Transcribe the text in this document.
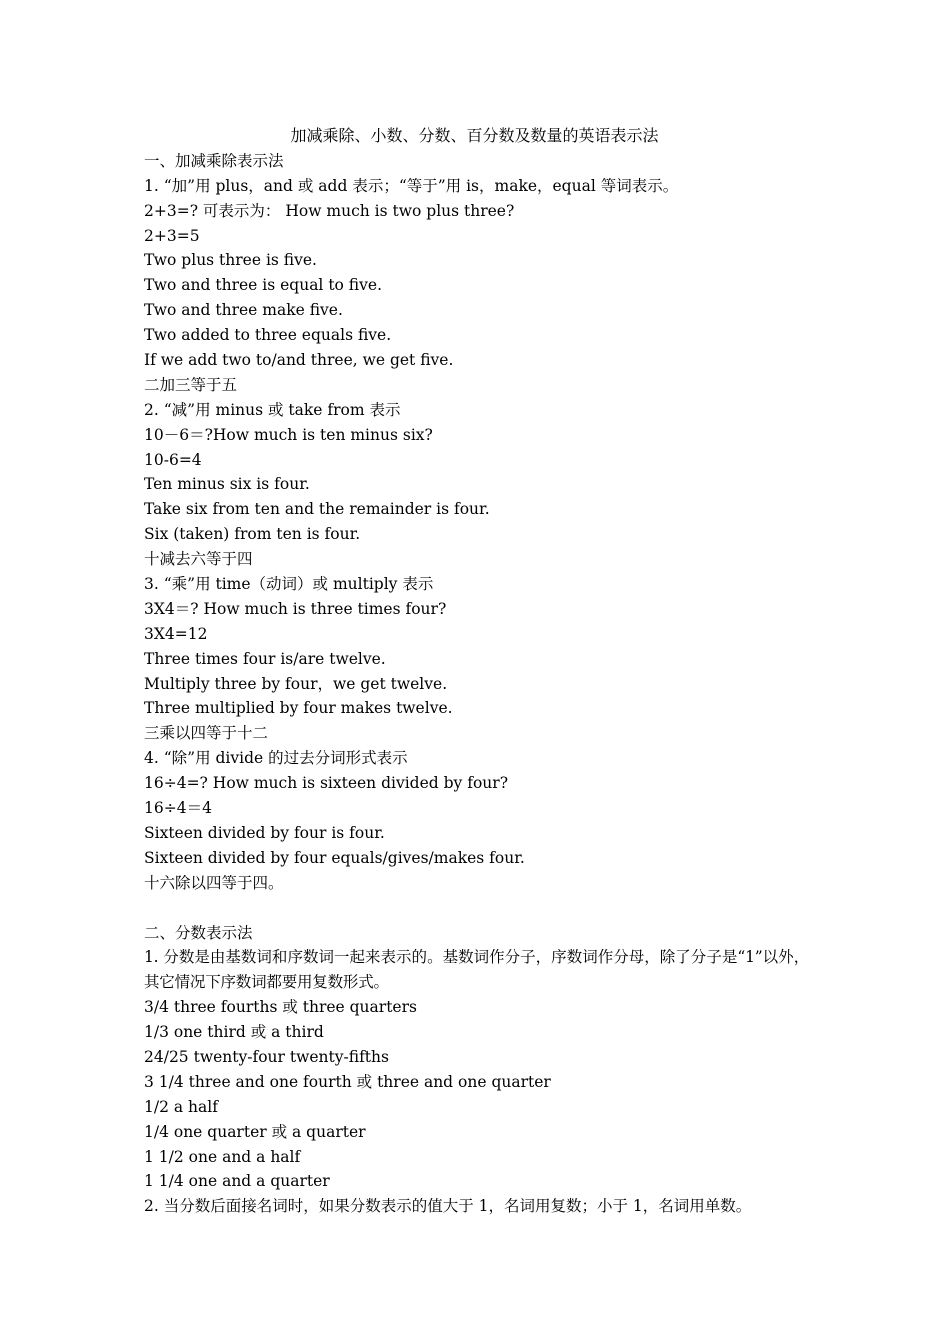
加减乘除、小数、分数、百分数及数量的英语表示法
一、加减乘除表示法
1. “加”用 plus，and 或 add 表示；“等于”用 is，make，equal 等词表示。
2+3=? 可表示为： How much is two plus three?
2+3=5
Two plus three is five.
Two and three is equal to five.
Two and three make five.
Two added to three equals five.
If we add two to/and three, we get five.
二加三等于五
2. “减”用 minus 或 take from 表示
10－6＝?How much is ten minus six?
10-6=4
Ten minus six is four.
Take six from ten and the remainder is four.
Six (taken) from ten is four.
十减去六等于四
3. “乘”用 time（动词）或 multiply 表示
3X4＝? How much is three times four?
3X4=12
Three times four is/are twelve.
Multiply three by four，we get twelve.
Three multiplied by four makes twelve.
三乘以四等于十二
4. “除”用 divide 的过去分词形式表示
16÷4=? How much is sixteen divided by four?
16÷4＝4
Sixteen divided by four is four.
Sixteen divided by four equals/gives/makes four.
十六除以四等于四。
二、分数表示法
1. 分数是由基数词和序数词一起来表示的。基数词作分子，序数词作分母，除了分子是“1”以外，其它情况下序数词都要用复数形式。
3/4 three fourths 或 three quarters
1/3 one third 或 a third
24/25 twenty-four twenty-fifths
3 1/4 three and one fourth 或 three and one quarter
1/2 a half
1/4 one quarter 或 a quarter
1 1/2 one and a half
1 1/4 one and a quarter
2. 当分数后面接名词时，如果分数表示的值大于 1，名词用复数；小于 1，名词用单数。
